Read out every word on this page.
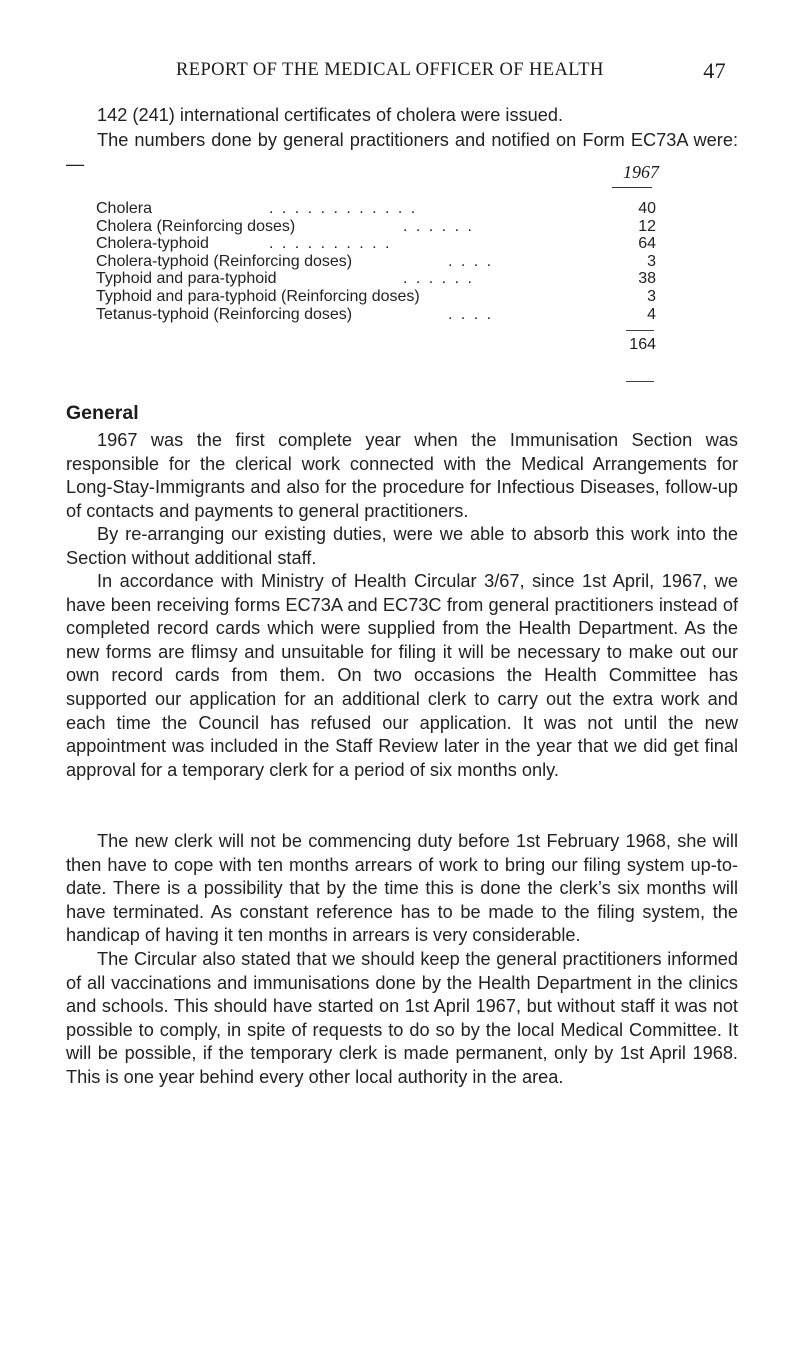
REPORT OF THE MEDICAL OFFICER OF HEALTH	47
142 (241) international certificates of cholera were issued.
The numbers done by general practitioners and notified on Form EC73A were:—	1967
Cholera	. . . . . . . . . . . .	40
Cholera (Reinforcing doses)	. . . . . .	12
Cholera-typhoid	. . . . . . . . . .	64
Cholera-typhoid (Reinforcing doses)	. . . .	3
Typhoid and para-typhoid	. . . . . .	38
Typhoid and para-typhoid (Reinforcing doses)	3
Tetanus-typhoid (Reinforcing doses)	. . . .	4
164
General
1967 was the first complete year when the Immunisation Section was responsible for the clerical work connected with the Medical Arrangements for Long-Stay-Immigrants and also for the procedure for Infectious Diseases, follow-up of contacts and payments to general practitioners.
By re-arranging our existing duties, were we able to absorb this work into the Section without additional staff.
In accordance with Ministry of Health Circular 3/67, since 1st April, 1967, we have been receiving forms EC73A and EC73C from general practitioners instead of completed record cards which were supplied from the Health Department. As the new forms are flimsy and unsuitable for filing it will be necessary to make out our own record cards from them. On two occasions the Health Committee has supported our application for an additional clerk to carry out the extra work and each time the Council has refused our application. It was not until the new appointment was included in the Staff Review later in the year that we did get final approval for a temporary clerk for a period of six months only.
The new clerk will not be commencing duty before 1st February 1968, she will then have to cope with ten months arrears of work to bring our filing system up-to-date. There is a possibility that by the time this is done the clerk’s six months will have terminated. As constant reference has to be made to the filing system, the handicap of having it ten months in arrears is very considerable.
The Circular also stated that we should keep the general practitioners informed of all vaccinations and immunisations done by the Health Department in the clinics and schools. This should have started on 1st April 1967, but without staff it was not possible to comply, in spite of requests to do so by the local Medical Committee. It will be possible, if the temporary clerk is made permanent, only by 1st April 1968. This is one year behind every other local authority in the area.
